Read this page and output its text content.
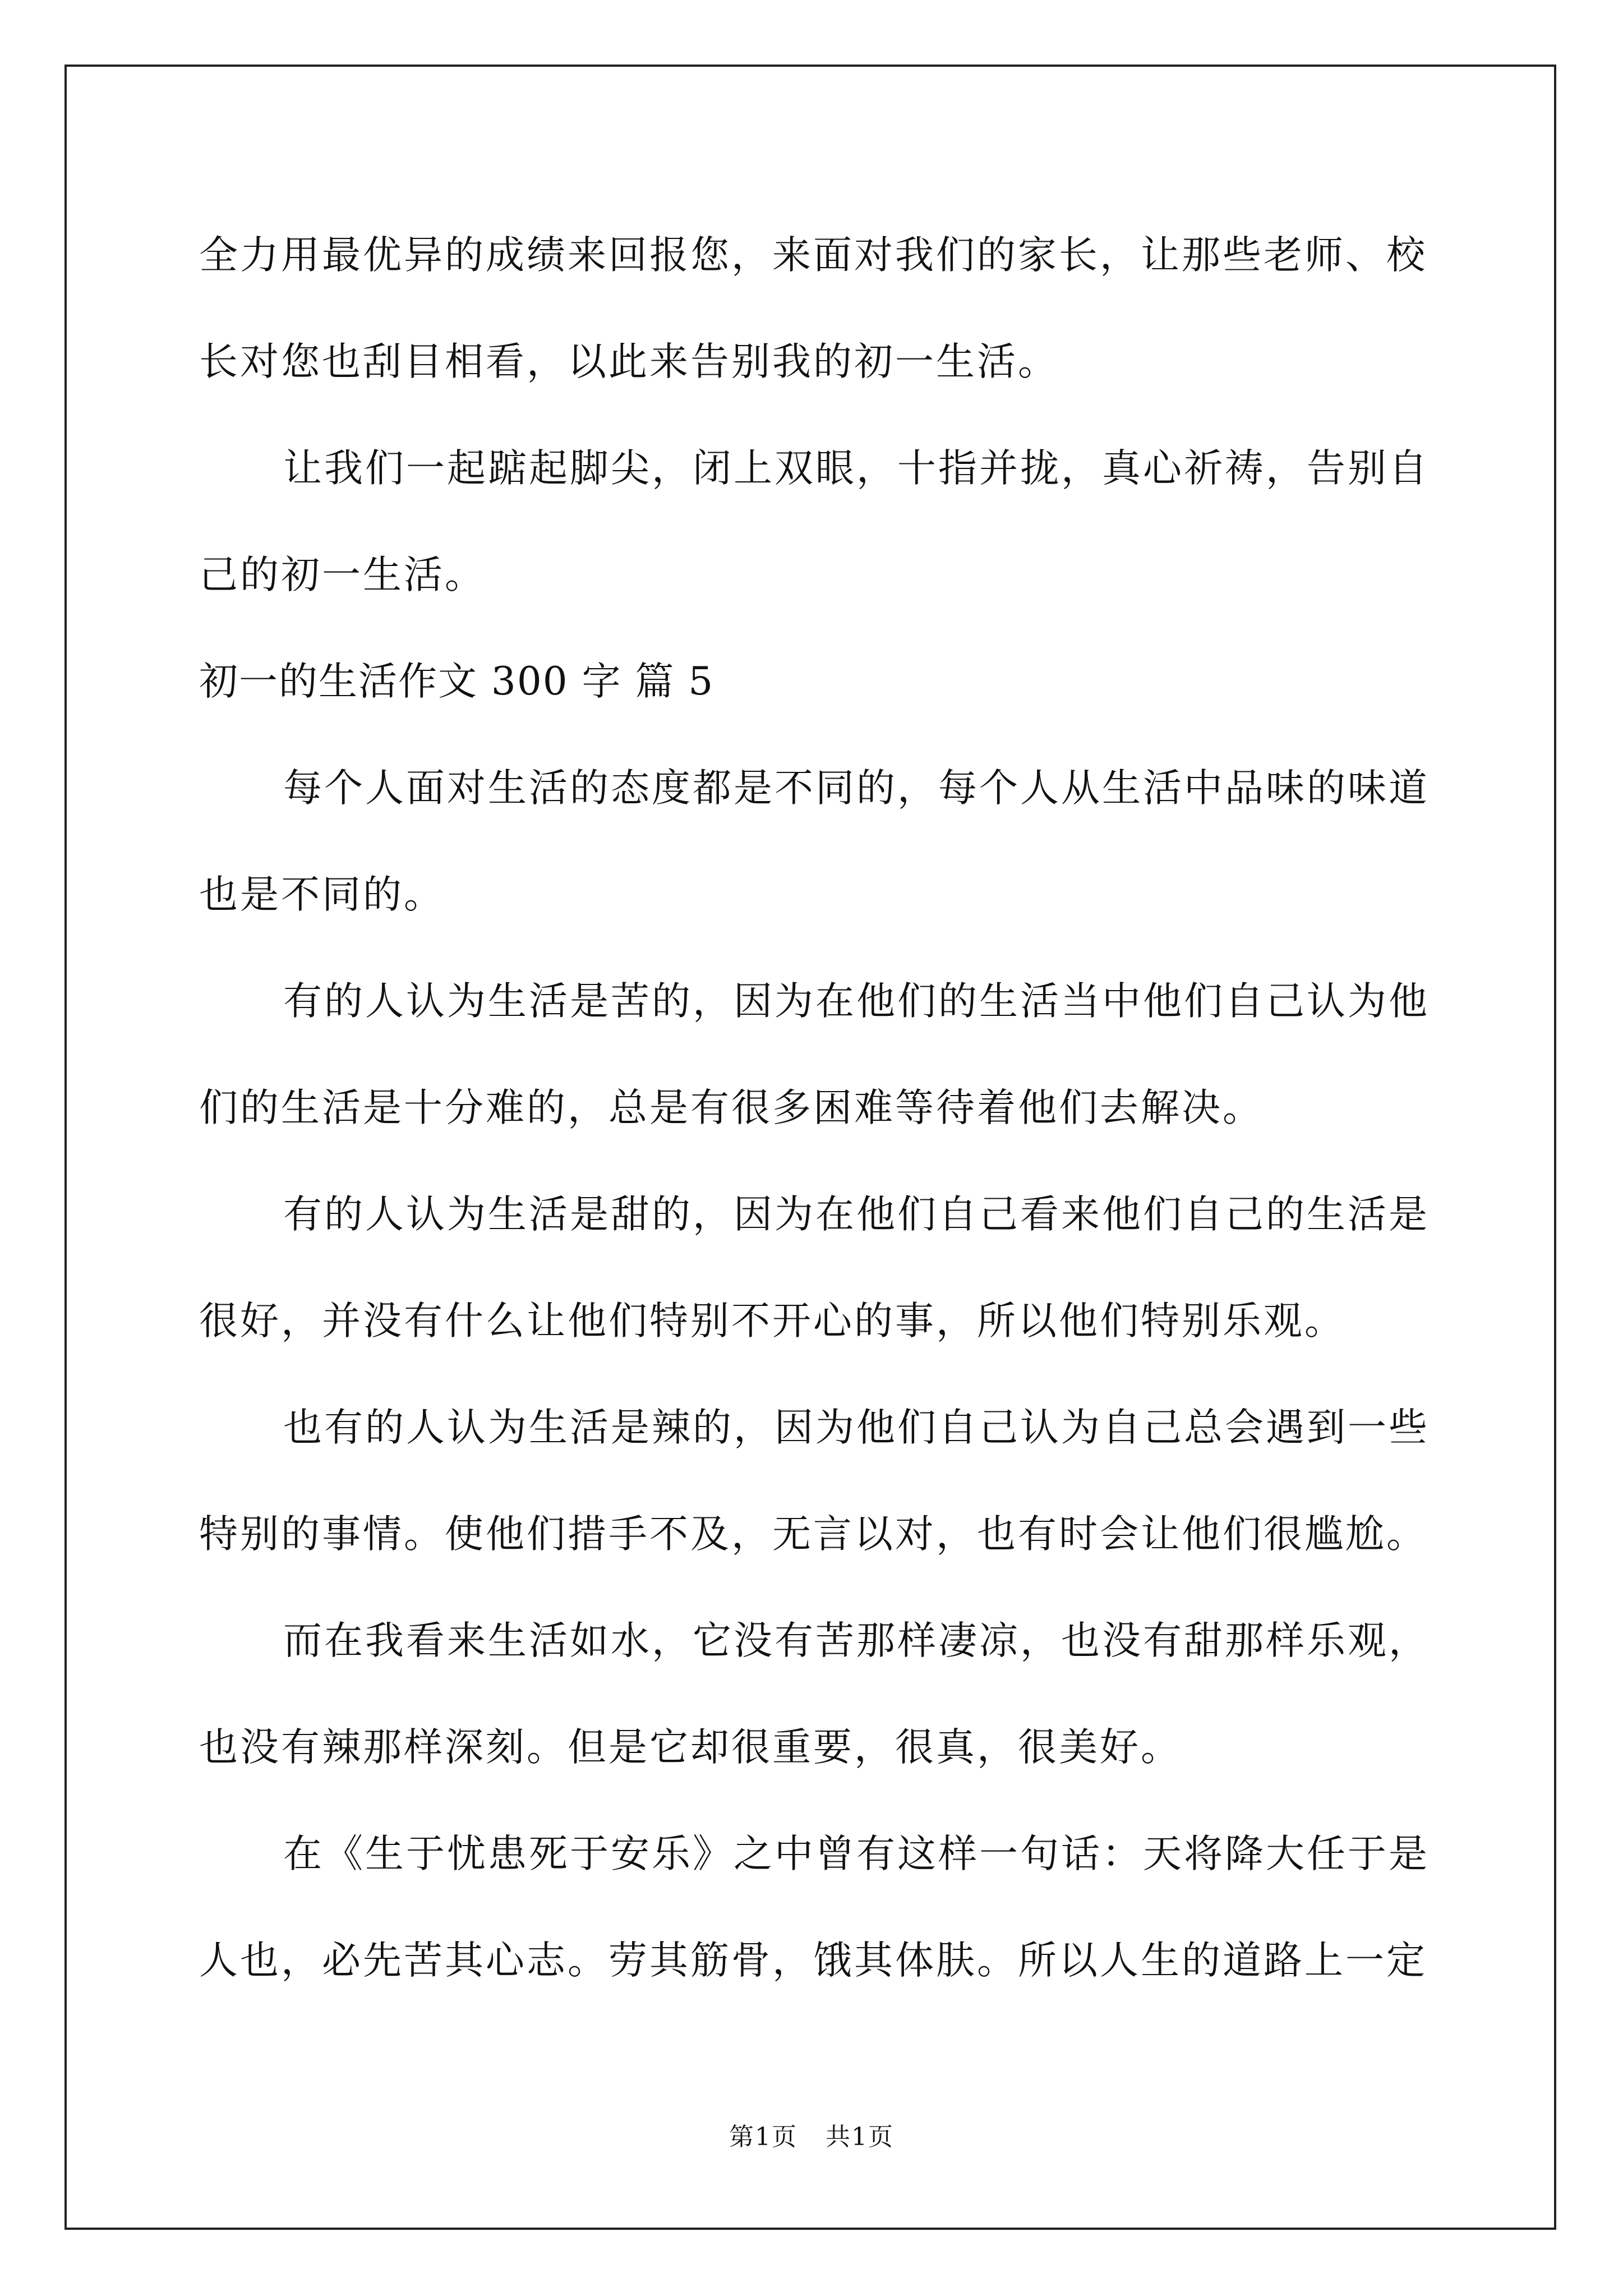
全力用最优异的成绩来回报您，来面对我们的家长，让那些老师、校
长对您也刮目相看，以此来告别我的初一生活。
让我们一起踮起脚尖，闭上双眼，十指并拢，真心祈祷，告别自
己的初一生活。
初一的生活作文 300 字 篇 5
每个人面对生活的态度都是不同的，每个人从生活中品味的味道
也是不同的。
有的人认为生活是苦的，因为在他们的生活当中他们自己认为他
们的生活是十分难的，总是有很多困难等待着他们去解决。
有的人认为生活是甜的，因为在他们自己看来他们自己的生活是
很好，并没有什么让他们特别不开心的事，所以他们特别乐观。
也有的人认为生活是辣的，因为他们自己认为自己总会遇到一些
特别的事情。使他们措手不及，无言以对，也有时会让他们很尴尬。
而在我看来生活如水，它没有苦那样凄凉，也没有甜那样乐观，
也没有辣那样深刻。但是它却很重要，很真，很美好。
在《生于忧患死于安乐》之中曾有这样一句话：天将降大任于是
人也，必先苦其心志。劳其筋骨，饿其体肤。所以人生的道路上一定
第1页 共1页
